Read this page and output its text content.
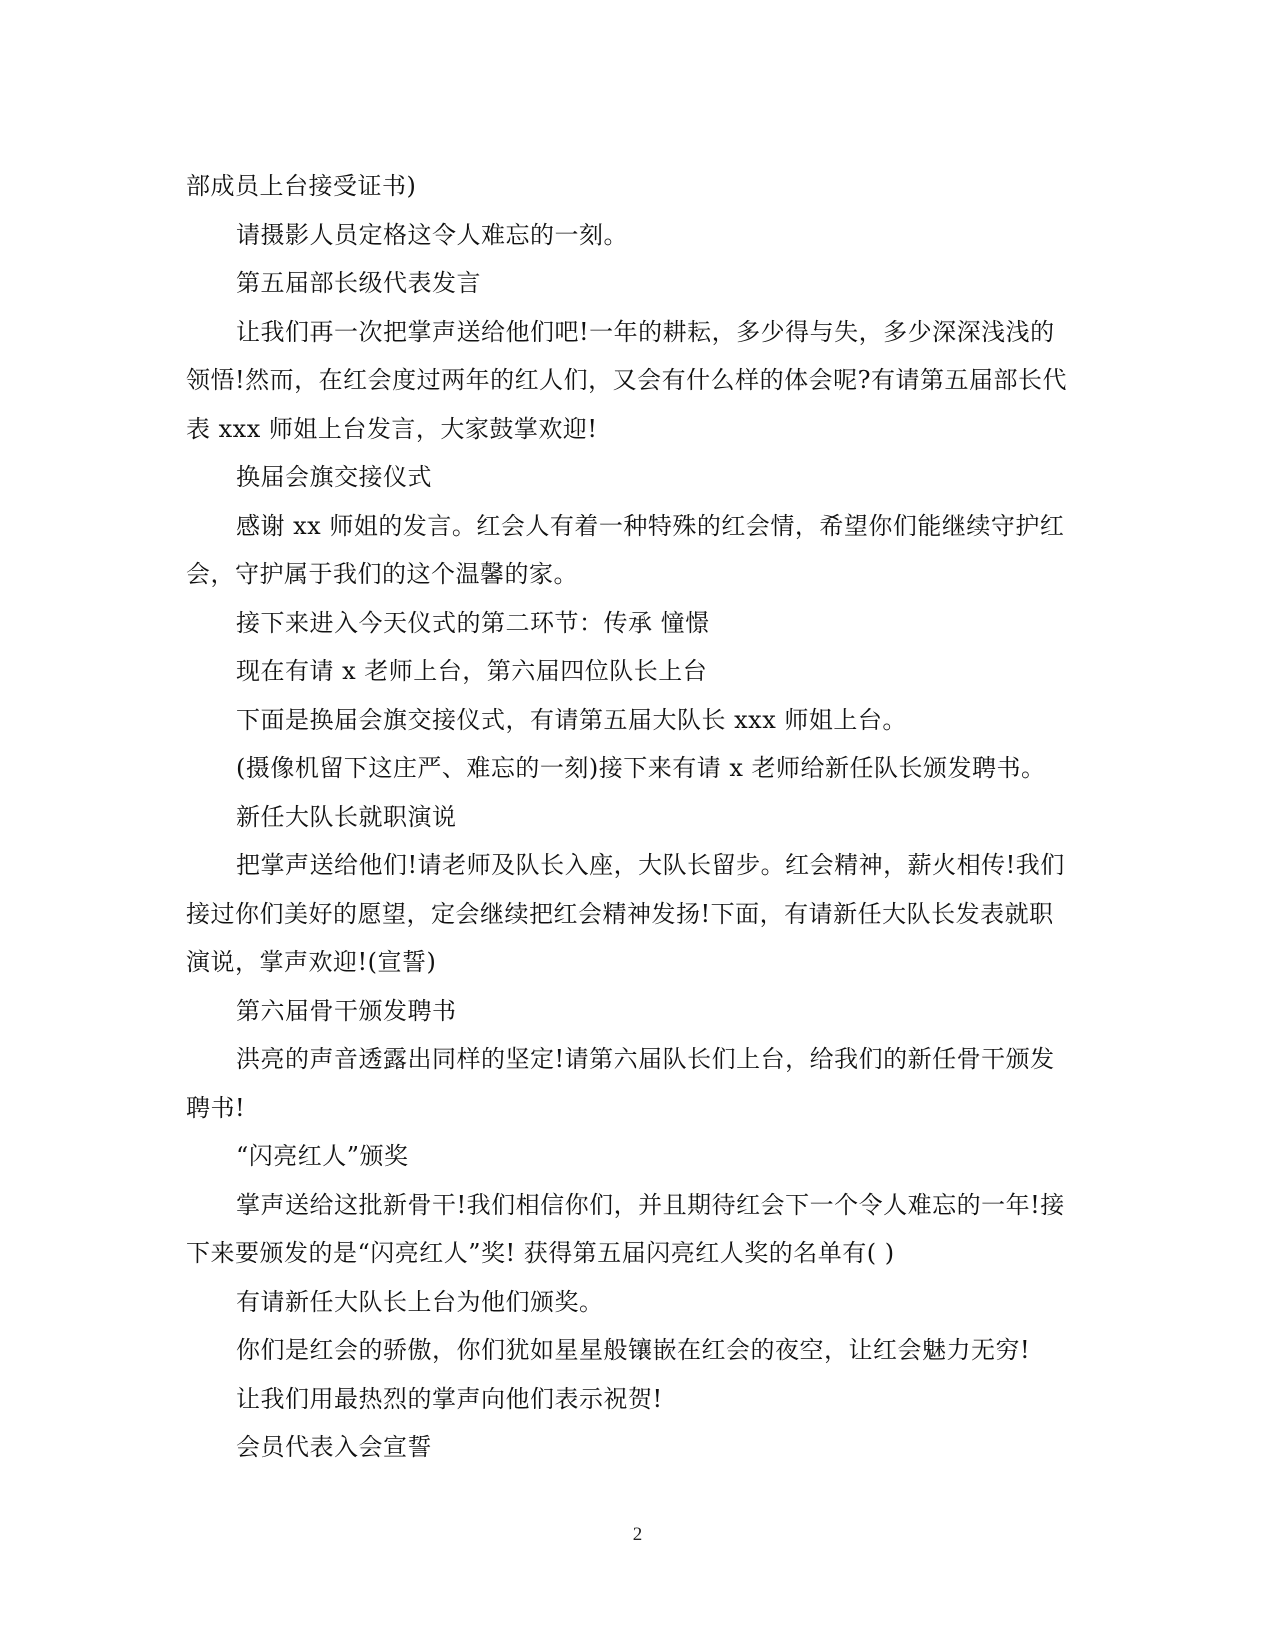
部成员上台接受证书)
请摄影人员定格这令人难忘的一刻。
第五届部长级代表发言
让我们再一次把掌声送给他们吧!一年的耕耘，多少得与失，多少深深浅浅的
领悟!然而，在红会度过两年的红人们，又会有什么样的体会呢?有请第五届部长代
表 xxx 师姐上台发言，大家鼓掌欢迎!
换届会旗交接仪式
感谢 xx 师姐的发言。红会人有着一种特殊的红会情，希望你们能继续守护红
会，守护属于我们的这个温馨的家。
接下来进入今天仪式的第二环节：传承 憧憬
现在有请 x 老师上台，第六届四位队长上台
下面是换届会旗交接仪式，有请第五届大队长 xxx 师姐上台。
(摄像机留下这庄严、难忘的一刻)接下来有请 x 老师给新任队长颁发聘书。
新任大队长就职演说
把掌声送给他们!请老师及队长入座，大队长留步。红会精神，薪火相传!我们
接过你们美好的愿望，定会继续把红会精神发扬!下面，有请新任大队长发表就职
演说，掌声欢迎!(宣誓)
第六届骨干颁发聘书
洪亮的声音透露出同样的坚定!请第六届队长们上台，给我们的新任骨干颁发
聘书!
“闪亮红人”颁奖
掌声送给这批新骨干!我们相信你们，并且期待红会下一个令人难忘的一年!接
下来要颁发的是“闪亮红人”奖! 获得第五届闪亮红人奖的名单有( )
有请新任大队长上台为他们颁奖。
你们是红会的骄傲，你们犹如星星般镶嵌在红会的夜空，让红会魅力无穷!
让我们用最热烈的掌声向他们表示祝贺!
会员代表入会宣誓
2
